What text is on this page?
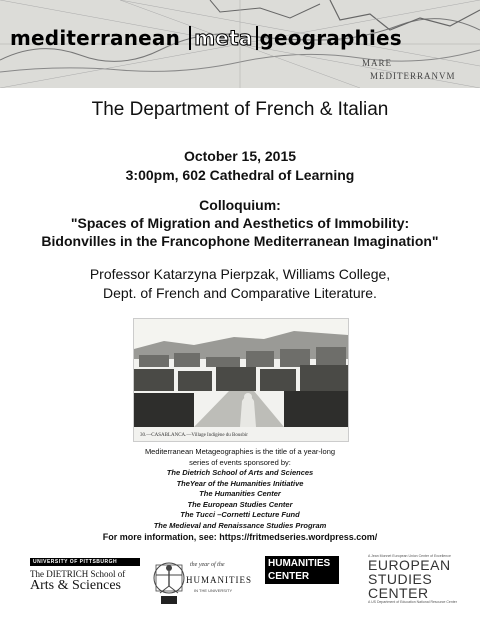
mediterranean meta geographies
MARE
MEDITERRANVM
The Department of French & Italian
October 15, 2015
3:00pm, 602 Cathedral of Learning
Colloquium:
"Spaces of Migration and Aesthetics of Immobility:
Bidonvilles in the Francophone Mediterranean Imagination"
Professor Katarzyna Pierpzak, Williams College,
Dept. of French and Comparative Literature.
30.—CASABLANCA.—Village Indigène du Bousbir
Mediterranean Metageographies is the title of a year-long
series of events sponsored by:
The Dietrich School of Arts and Sciences
TheYear of the Humanities Initiative
The Humanities Center
The European Studies Center
The Tucci –Cornetti Lecture Fund
The Medieval and Renaissance Studies Program
For more information, see: https://fritmedseries.wordpress.com/
UNIVERSITY OF PITTSBURGH
The DIETRICH School of
Arts & Sciences
the year of the
HUMANITIES
IN THE UNIVERSITY
HUMANITIES
CENTER
A Jean Monnet European Union Center of Excellence
EUROPEAN
STUDIES
CENTER
A US Department of Education National Resource Center
